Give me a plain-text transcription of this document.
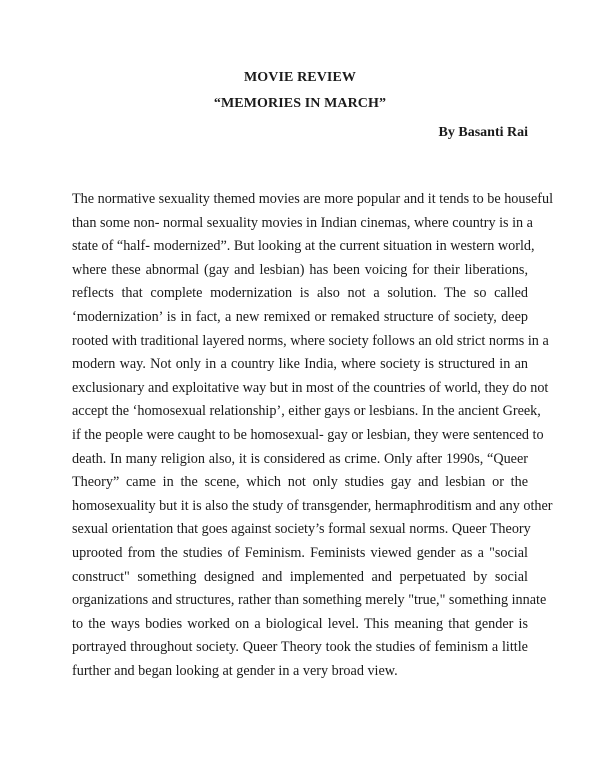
MOVIE REVIEW
“MEMORIES IN MARCH”
By Basanti Rai
The normative sexuality themed movies are more popular and it tends to be houseful
than some non- normal sexuality movies in Indian cinemas, where country is in a
state of “half- modernized”. But looking at the current situation in western world,
where these abnormal (gay and lesbian) has been voicing for their liberations,
reflects that complete modernization is also not a solution. The so called
‘modernization’ is in fact, a new remixed or remaked structure of society, deep
rooted with traditional layered norms, where society follows an old strict norms in a
modern way. Not only in a country like India, where society is structured in an
exclusionary and exploitative way but in most of the countries of world, they do not
accept the ‘homosexual relationship’, either gays or lesbians. In the ancient Greek,
if the people were caught to be homosexual- gay or lesbian, they were sentenced to
death. In many religion also, it is considered as crime. Only after 1990s, “Queer
Theory” came in the scene, which not only studies gay and lesbian or the
homosexuality but it is also the study of transgender, hermaphroditism and any other
sexual orientation that goes against society’s formal sexual norms. Queer Theory
uprooted from the studies of Feminism. Feminists viewed gender as a "social
construct" something designed and implemented and perpetuated by social
organizations and structures, rather than something merely "true," something innate
to the ways bodies worked on a biological level. This meaning that gender is
portrayed throughout society. Queer Theory took the studies of feminism a little
further and began looking at gender in a very broad view.
